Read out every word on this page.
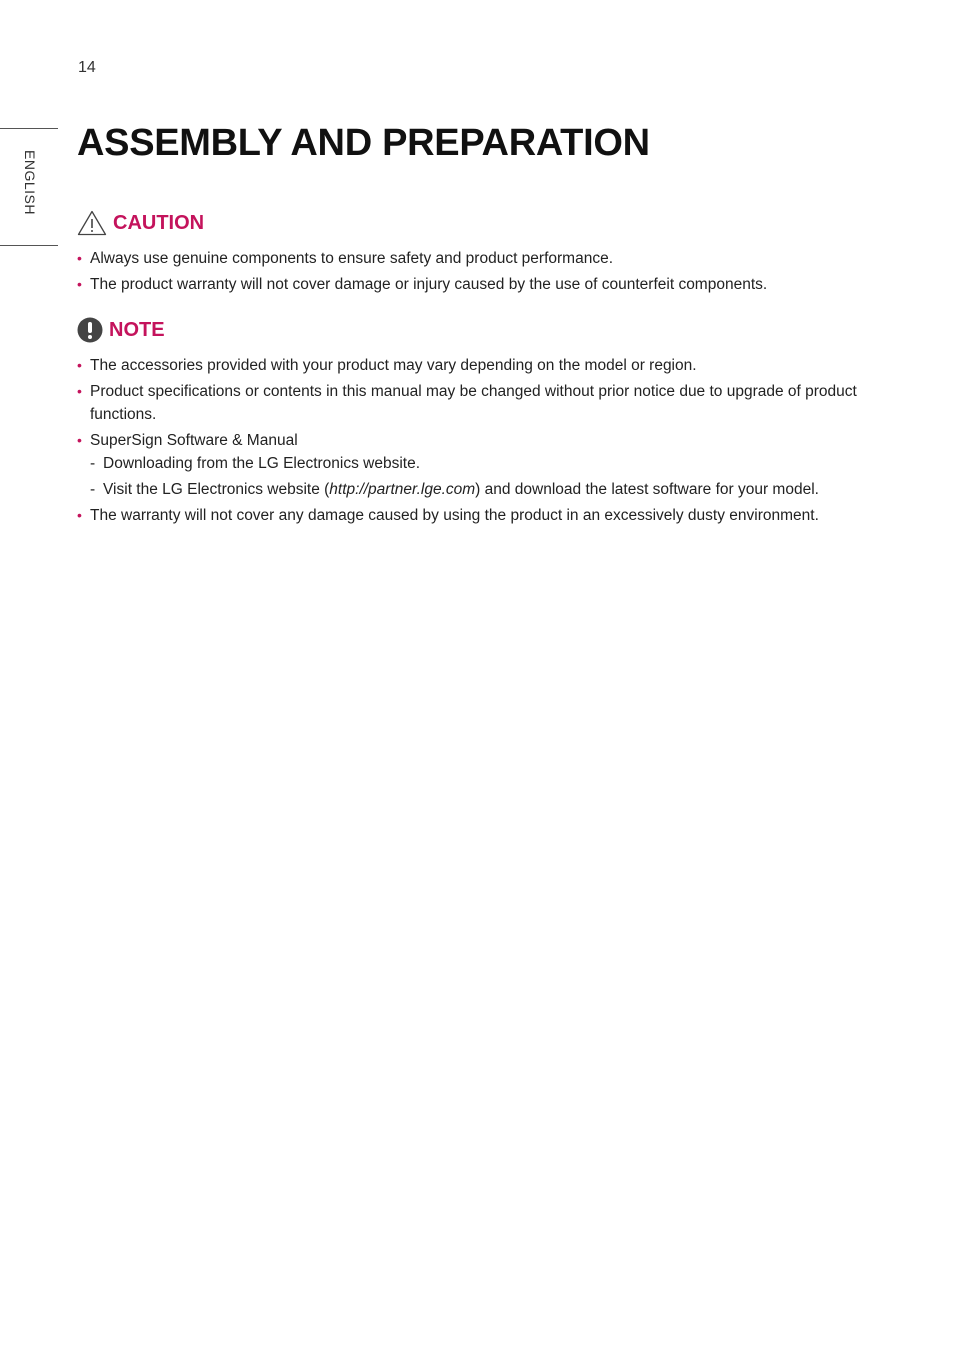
14
ENGLISH
ASSEMBLY AND PREPARATION
CAUTION
• Always use genuine components to ensure safety and product performance.
• The product warranty will not cover damage or injury caused by the use of counterfeit components.
NOTE
• The accessories provided with your product may vary depending on the model or region.
• Product specifications or contents in this manual may be changed without prior notice due to upgrade of product functions.
• SuperSign Software & Manual
- Downloading from the LG Electronics website.
- Visit the LG Electronics website (http://partner.lge.com) and download the latest software for your model.
• The warranty will not cover any damage caused by using the product in an excessively dusty environment.
